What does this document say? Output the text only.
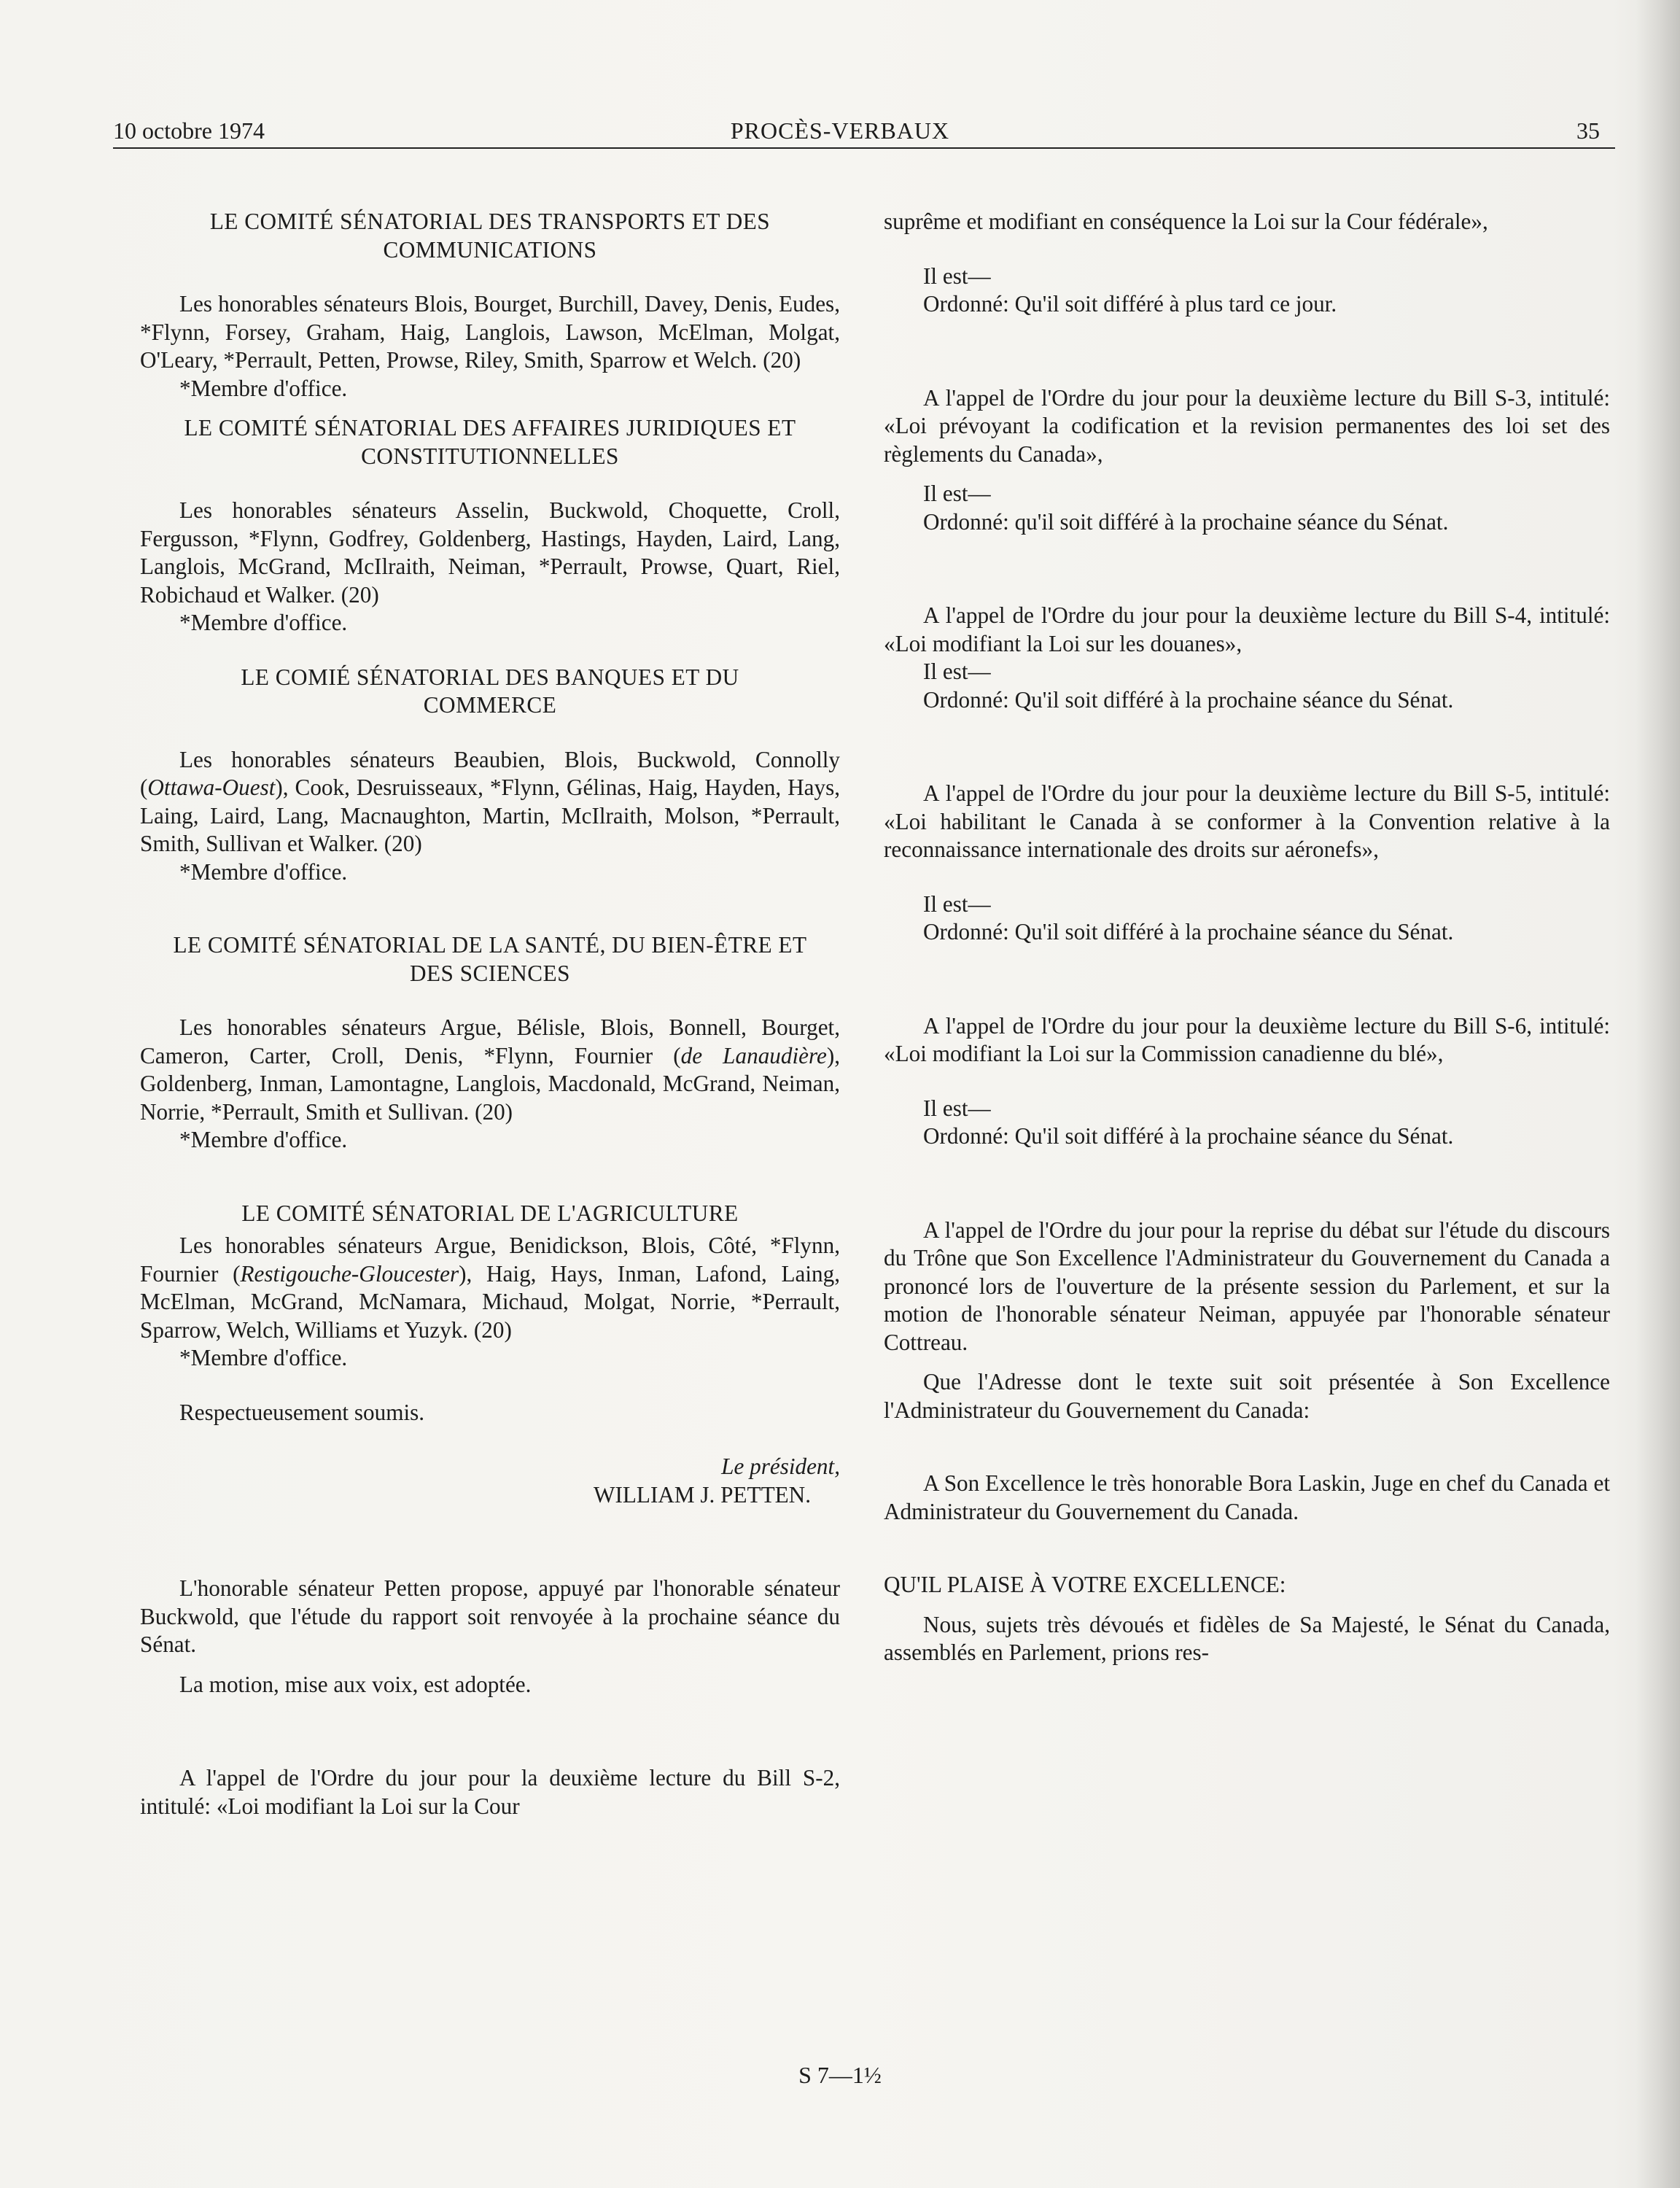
10 octobre 1974	PROCÈS-VERBAUX	35

LE COMITÉ SÉNATORIAL DES TRANSPORTS ET DES COMMUNICATIONS

Les honorables sénateurs Blois, Bourget, Burchill, Davey, Denis, Eudes, *Flynn, Forsey, Graham, Haig, Langlois, Lawson, McElman, Molgat, O'Leary, *Perrault, Petten, Prowse, Riley, Smith, Sparrow et Welch. (20)

*Membre d'office.

LE COMITÉ SÉNATORIAL DES AFFAIRES JURIDIQUES ET CONSTITUTIONNELLES

Les honorables sénateurs Asselin, Buckwold, Choquette, Croll, Fergusson, *Flynn, Godfrey, Goldenberg, Hastings, Hayden, Laird, Lang, Langlois, McGrand, McIlraith, Neiman, *Perrault, Prowse, Quart, Riel, Robichaud et Walker. (20)

*Membre d'office.

LE COMIÉ SÉNATORIAL DES BANQUES ET DU COMMERCE

Les honorables sénateurs Beaubien, Blois, Buckwold, Connolly (Ottawa-Ouest), Cook, Desruisseaux, *Flynn, Gélinas, Haig, Hayden, Hays, Laing, Laird, Lang, Macnaughton, Martin, McIlraith, Molson, *Perrault, Smith, Sullivan et Walker. (20)

*Membre d'office.

LE COMITÉ SÉNATORIAL DE LA SANTÉ, DU BIEN-ÊTRE ET DES SCIENCES

Les honorables sénateurs Argue, Bélisle, Blois, Bonnell, Bourget, Cameron, Carter, Croll, Denis, *Flynn, Fournier (de Lanaudière), Goldenberg, Inman, Lamontagne, Langlois, Macdonald, McGrand, Neiman, Norrie, *Perrault, Smith et Sullivan. (20)

*Membre d'office.

LE COMITÉ SÉNATORIAL DE L'AGRICULTURE

Les honorables sénateurs Argue, Benidickson, Blois, Côté, *Flynn, Fournier (Restigouche-Gloucester), Haig, Hays, Inman, Lafond, Laing, McElman, McGrand, McNamara, Michaud, Molgat, Norrie, *Perrault, Sparrow, Welch, Williams et Yuzyk. (20)

*Membre d'office.

Respectueusement soumis.

Le président,

WILLIAM J. PETTEN.

L'honorable sénateur Petten propose, appuyé par l'honorable sénateur Buckwold, que l'étude du rapport soit renvoyée à la prochaine séance du Sénat.

La motion, mise aux voix, est adoptée.

A l'appel de l'Ordre du jour pour la deuxième lecture du Bill S-2, intitulé: «Loi modifiant la Loi sur la Cour

suprême et modifiant en conséquence la Loi sur la Cour fédérale»,

Il est—

Ordonné: Qu'il soit différé à plus tard ce jour.

A l'appel de l'Ordre du jour pour la deuxième lecture du Bill S-3, intitulé: «Loi prévoyant la codification et la revision permanentes des loi set des règlements du Canada»,

Il est—

Ordonné: qu'il soit différé à la prochaine séance du Sénat.

A l'appel de l'Ordre du jour pour la deuxième lecture du Bill S-4, intitulé: «Loi modifiant la Loi sur les douanes»,

Il est—

Ordonné: Qu'il soit différé à la prochaine séance du Sénat.

A l'appel de l'Ordre du jour pour la deuxième lecture du Bill S-5, intitulé: «Loi habilitant le Canada à se conformer à la Convention relative à la reconnaissance internationale des droits sur aéronefs»,

Il est—

Ordonné: Qu'il soit différé à la prochaine séance du Sénat.

A l'appel de l'Ordre du jour pour la deuxième lecture du Bill S-6, intitulé: «Loi modifiant la Loi sur la Commission canadienne du blé»,

Il est—

Ordonné: Qu'il soit différé à la prochaine séance du Sénat.

A l'appel de l'Ordre du jour pour la reprise du débat sur l'étude du discours du Trône que Son Excellence l'Administrateur du Gouvernement du Canada a prononcé lors de l'ouverture de la présente session du Parlement, et sur la motion de l'honorable sénateur Neiman, appuyée par l'honorable sénateur Cottreau.

Que l'Adresse dont le texte suit soit présentée à Son Excellence l'Administrateur du Gouvernement du Canada:

A Son Excellence le très honorable Bora Laskin, Juge en chef du Canada et Administrateur du Gouvernement du Canada.

QU'IL PLAISE À VOTRE EXCELLENCE:

Nous, sujets très dévoués et fidèles de Sa Majesté, le Sénat du Canada, assemblés en Parlement, prions res-

S 7—1½
